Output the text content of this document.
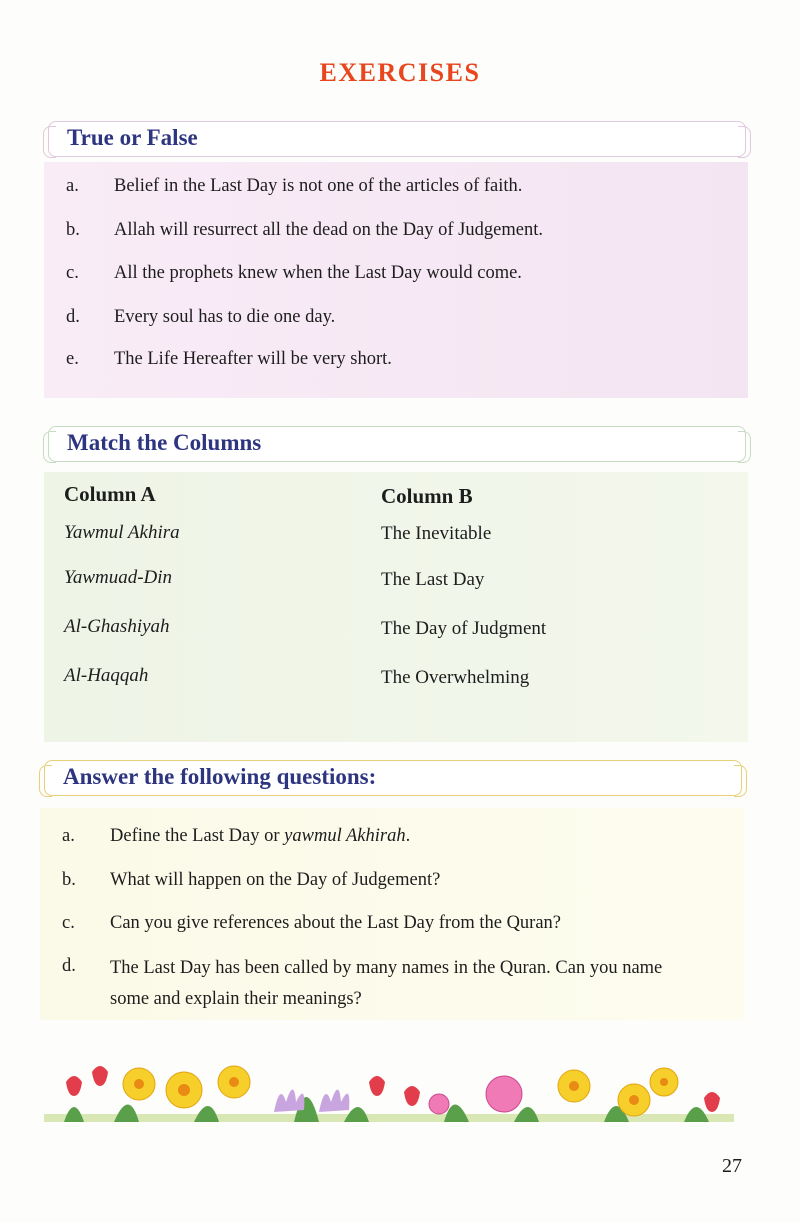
EXERCISES
True or False
a. Belief in the Last Day is not one of the articles of faith.
b. Allah will resurrect all the dead on the Day of Judgement.
c. All the prophets knew when the Last Day would come.
d. Every soul has to die one day.
e. The Life Hereafter will be very short.
Match the Columns
Column A	Column B
Yawmul Akhira
Yawmuad-Din
Al-Ghashiyah
Al-Haqqah
The Inevitable
The Last Day
The Day of Judgment
The Overwhelming
Answer the following questions:
a. Define the Last Day or yawmul Akhirah.
b. What will happen on the Day of Judgement?
c. Can you give references about the Last Day from the Quran?
d. The Last Day has been called by many names in the Quran. Can you name some and explain their meanings?
27
